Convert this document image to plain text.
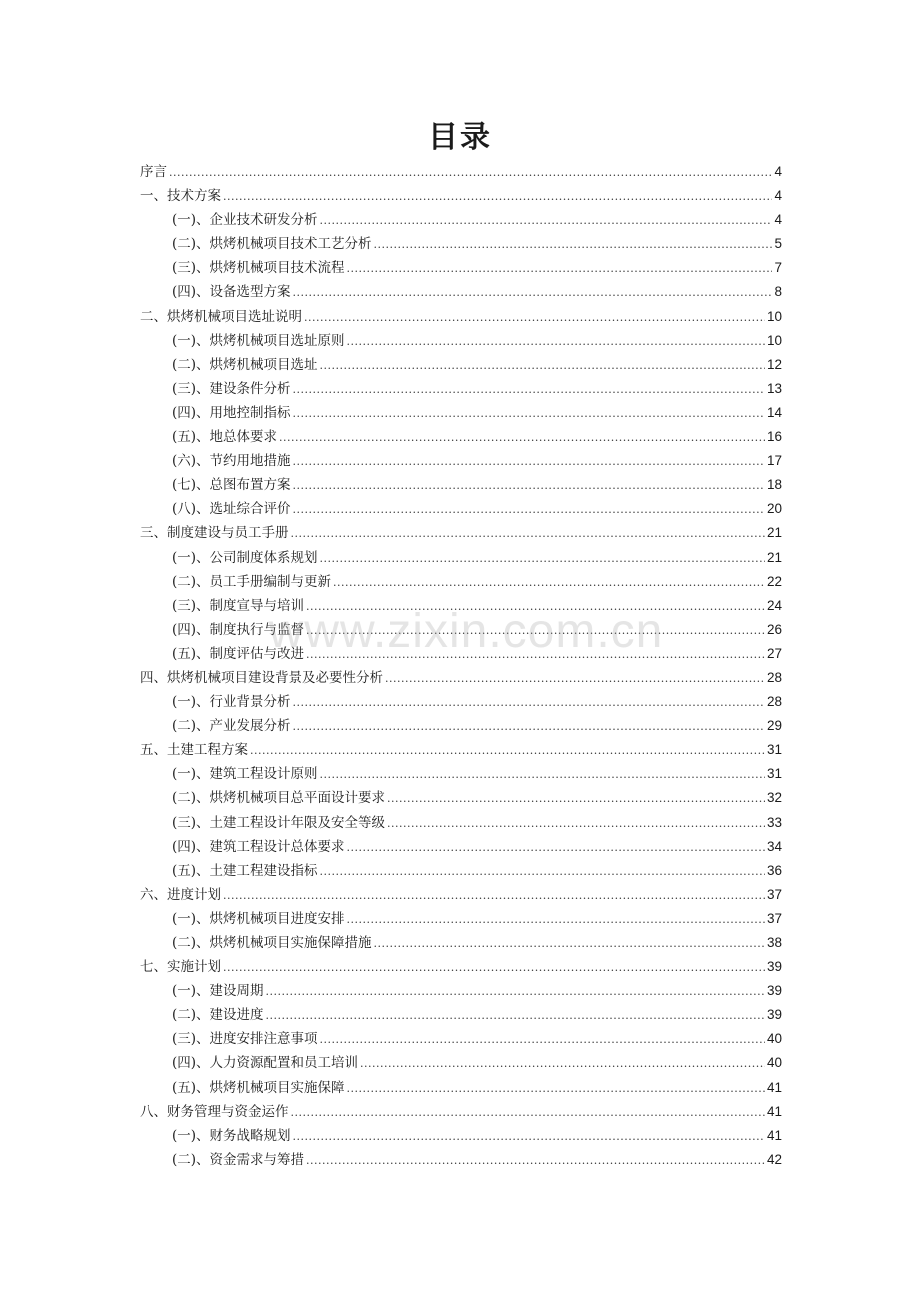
目录
序言 .....	4
一、技术方案 .....	4
(一)、企业技术研发分析 .....	4
(二)、烘烤机械项目技术工艺分析 .....	5
(三)、烘烤机械项目技术流程 .....	7
(四)、设备选型方案 .....	8
二、烘烤机械项目选址说明 .....	10
(一)、烘烤机械项目选址原则 .....	10
(二)、烘烤机械项目选址 .....	12
(三)、建设条件分析 .....	13
(四)、用地控制指标 .....	14
(五)、地总体要求 .....	16
(六)、节约用地措施 .....	17
(七)、总图布置方案 .....	18
(八)、选址综合评价 .....	20
三、制度建设与员工手册 .....	21
(一)、公司制度体系规划 .....	21
(二)、员工手册编制与更新 .....	22
(三)、制度宣导与培训 .....	24
(四)、制度执行与监督 .....	26
(五)、制度评估与改进 .....	27
四、烘烤机械项目建设背景及必要性分析 .....	28
(一)、行业背景分析 .....	28
(二)、产业发展分析 .....	29
五、土建工程方案 .....	31
(一)、建筑工程设计原则 .....	31
(二)、烘烤机械项目总平面设计要求 .....	32
(三)、土建工程设计年限及安全等级 .....	33
(四)、建筑工程设计总体要求 .....	34
(五)、土建工程建设指标 .....	36
六、进度计划 .....	37
(一)、烘烤机械项目进度安排 .....	37
(二)、烘烤机械项目实施保障措施 .....	38
七、实施计划 .....	39
(一)、建设周期 .....	39
(二)、建设进度 .....	39
(三)、进度安排注意事项 .....	40
(四)、人力资源配置和员工培训 .....	40
(五)、烘烤机械项目实施保障 .....	41
八、财务管理与资金运作 .....	41
(一)、财务战略规划 .....	41
(二)、资金需求与筹措 .....	42
www.zixin.com.cn
